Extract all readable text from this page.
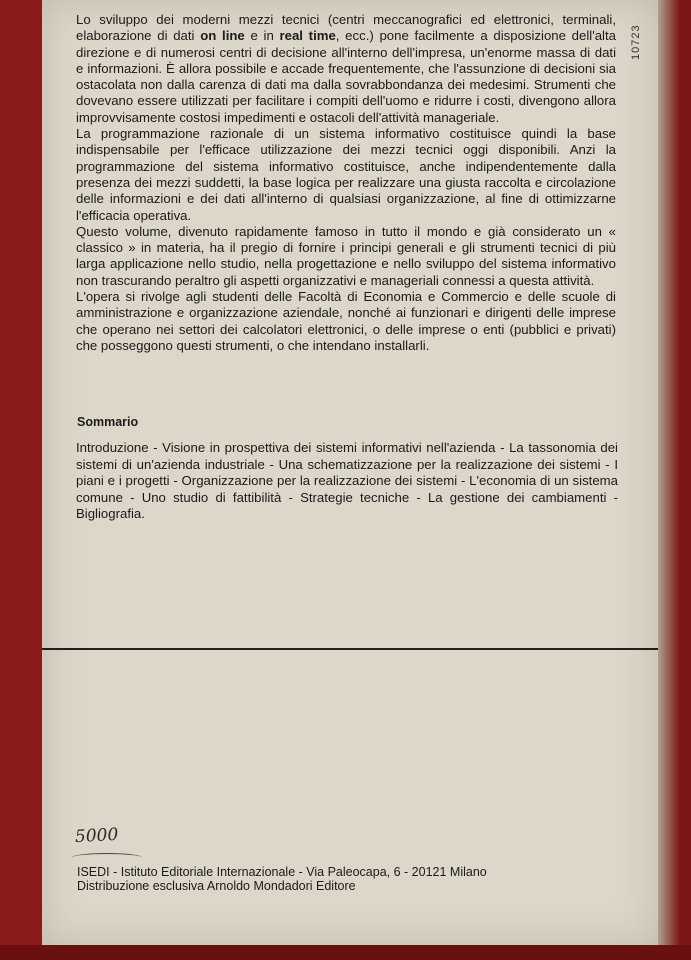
10723

Lo sviluppo dei moderni mezzi tecnici (centri meccanografici ed elettronici, terminali, elaborazione di dati on line e in real time, ecc.) pone facilmente a disposizione dell'alta direzione e di numerosi centri di decisione all'interno dell'impresa, un'enorme massa di dati e informazioni. È allora possibile e accade frequentemente, che l'assunzione di decisioni sia ostacolata non dalla carenza di dati ma dalla sovrabbondanza dei medesimi. Strumenti che dovevano essere utilizzati per facilitare i compiti dell'uomo e ridurre i costi, divengono allora improvvisamente costosi impedimenti e ostacoli dell'attività manageriale.

La programmazione razionale di un sistema informativo costituisce quindi la base indispensabile per l'efficace utilizzazione dei mezzi tecnici oggi disponibili. Anzi la programmazione del sistema informativo costituisce, anche indipendentemente dalla presenza dei mezzi suddetti, la base logica per realizzare una giusta raccolta e circolazione delle informazioni e dei dati all'interno di qualsiasi organizzazione, al fine di ottimizzarne l'efficacia operativa.

Questo volume, divenuto rapidamente famoso in tutto il mondo e già considerato un « classico » in materia, ha il pregio di fornire i principi generali e gli strumenti tecnici di più larga applicazione nello studio, nella progettazione e nello sviluppo del sistema informativo non trascurando peraltro gli aspetti organizzativi e manageriali connessi a questa attività.

L'opera si rivolge agli studenti delle Facoltà di Economia e Commercio e delle scuole di amministrazione e organizzazione aziendale, nonché ai funzionari e dirigenti delle imprese che operano nei settori dei calcolatori elettronici, o delle imprese o enti (pubblici e privati) che posseggono questi strumenti, o che intendano installarli.

Sommario
Introduzione - Visione in prospettiva dei sistemi informativi nell'azienda - La tassonomia dei sistemi di un'azienda industriale - Una schematizzazione per la realizzazione dei sistemi - I piani e i progetti - Organizzazione per la realizzazione dei sistemi - L'economia di un sistema comune - Uno studio di fattibilità - Strategie tecniche - La gestione dei cambiamenti - Bigliografia.
5000
ISEDI - Istituto Editoriale Internazionale - Via Paleocapa, 6 - 20121 Milano
Distribuzione esclusiva Arnoldo Mondadori Editore
